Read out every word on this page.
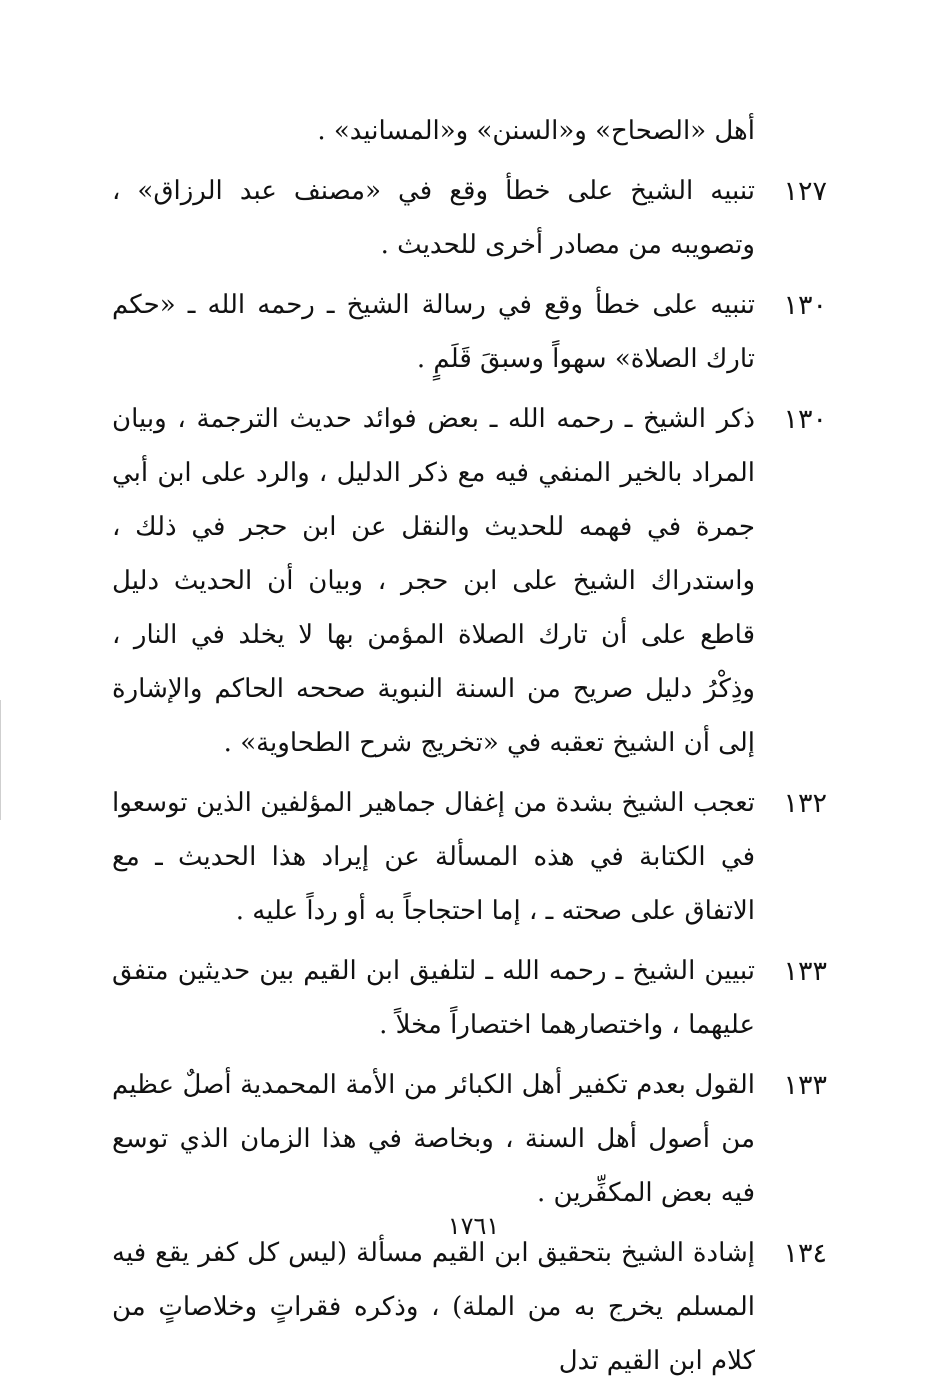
أهل «الصحاح» و«السنن» و«المسانيد» .
١٢٧
تنبيه الشيخ على خطأ وقع في «مصنف عبد الرزاق» ، وتصويبه من مصادر أخرى للحديث .
١٣٠
تنبيه على خطأ وقع في رسالة الشيخ ـ رحمه الله ـ «حكم تارك الصلاة» سهواً وسبقَ قَلَمٍ .
١٣٠
ذكر الشيخ ـ رحمه الله ـ بعض فوائد حديث الترجمة ، وبيان المراد بالخير المنفي فيه مع ذكر الدليل ، والرد على ابن أبي جمرة في فهمه للحديث والنقل عن ابن حجر في ذلك ، واستدراك الشيخ على ابن حجر ، وبيان أن الحديث دليل قاطع على أن تارك الصلاة المؤمن بها لا يخلد في النار ، وذِكْرُ دليل صريح من السنة النبوية صححه الحاكم والإشارة إلى أن الشيخ تعقبه في «تخريج شرح الطحاوية» .
١٣٢
تعجب الشيخ بشدة من إغفال جماهير المؤلفين الذين توسعوا في الكتابة في هذه المسألة عن إيراد هذا الحديث ـ مع الاتفاق على صحته ـ ، إما احتجاجاً به أو رداً عليه .
١٣٣
تبيين الشيخ ـ رحمه الله ـ لتلفيق ابن القيم بين حديثين متفق عليهما ، واختصارهما اختصاراً مخلاً .
١٣٣
القول بعدم تكفير أهل الكبائر من الأمة المحمدية أصلٌ عظيم من أصول أهل السنة ، وبخاصة في هذا الزمان الذي توسع فيه بعض المكفِّرين .
١٣٤
إشادة الشيخ بتحقيق ابن القيم مسألة (ليس كل كفر يقع فيه المسلم يخرج به من الملة) ، وذكره فقراتٍ وخلاصاتٍ من كلام ابن القيم تدل
١٧٦١
